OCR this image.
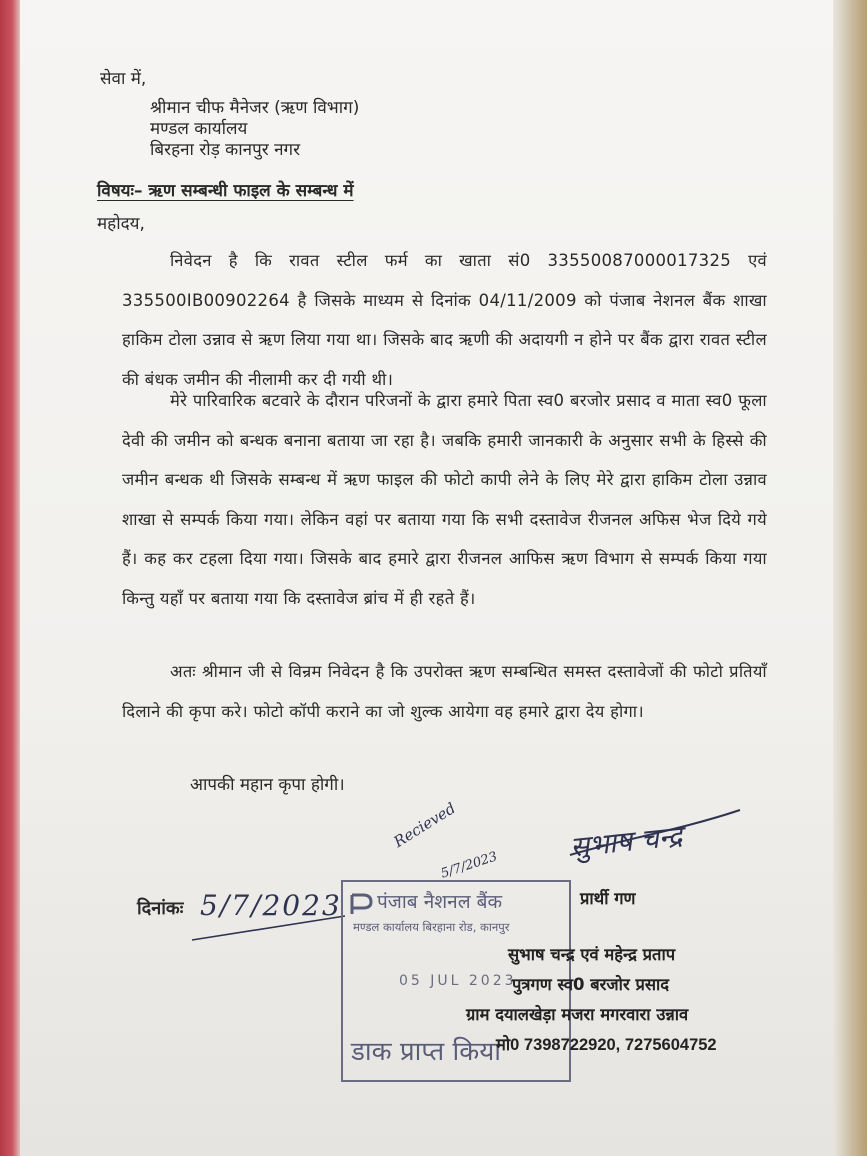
सेवा में,
श्रीमान चीफ मैनेजर (ऋण विभाग)
मण्डल कार्यालय
बिरहना रोड़ कानपुर नगर
विषयः– ऋण सम्बन्धी फाइल के सम्बन्ध में
महोदय,
निवेदन है कि रावत स्टील फर्म का खाता सं0 33550087000017325 एवं 335500IB00902264 है जिसके माध्यम से दिनांक 04/11/2009 को पंजाब नेशनल बैंक शाखा हाकिम टोला उन्नाव से ऋण लिया गया था। जिसके बाद ऋणी की अदायगी न होने पर बैंक द्वारा रावत स्टील की बंधक जमीन की नीलामी कर दी गयी थी।
मेरे पारिवारिक बटवारे के दौरान परिजनों के द्वारा हमारे पिता स्व0 बरजोर प्रसाद व माता स्व0 फूला देवी की जमीन को बन्धक बनाना बताया जा रहा है। जबकि हमारी जानकारी के अनुसार सभी के हिस्से की जमीन बन्धक थी जिसके सम्बन्ध में ऋण फाइल की फोटो कापी लेने के लिए मेरे द्वारा हाकिम टोला उन्नाव शाखा से सम्पर्क किया गया। लेकिन वहां पर बताया गया कि सभी दस्तावेज रीजनल अफिस भेज दिये गये हैं। कह कर टहला दिया गया। जिसके बाद हमारे द्वारा रीजनल आफिस ऋण विभाग से सम्पर्क किया गया किन्तु यहाँ पर बताया गया कि दस्तावेज ब्रांच में ही रहते हैं।
अतः श्रीमान जी से विन्रम निवेदन है कि उपरोक्त ऋण सम्बन्धित समस्त दस्तावेजों की फोटो प्रतियाँ दिलाने की कृपा करे। फोटो कॉपी कराने का जो शुल्क आयेगा वह हमारे द्वारा देय होगा।
आपकी महान कृपा होगी।
सुभाष चन्द्र
दिनांकः 5/7/2023
Recieved
5/7/2023
पंजाब नैशनल बैंक
मण्डल कार्यालय बिरहाना रोड, कानपुर
05 JUL 2023
डाक प्राप्त किया
प्रार्थी गण
सुभाष चन्द्र एवं महेन्द्र प्रताप
पुत्रगण स्व0 बरजोर प्रसाद
ग्राम दयालखेड़ा मजरा मगरवारा उन्नाव
मो0 7398722920, 7275604752
